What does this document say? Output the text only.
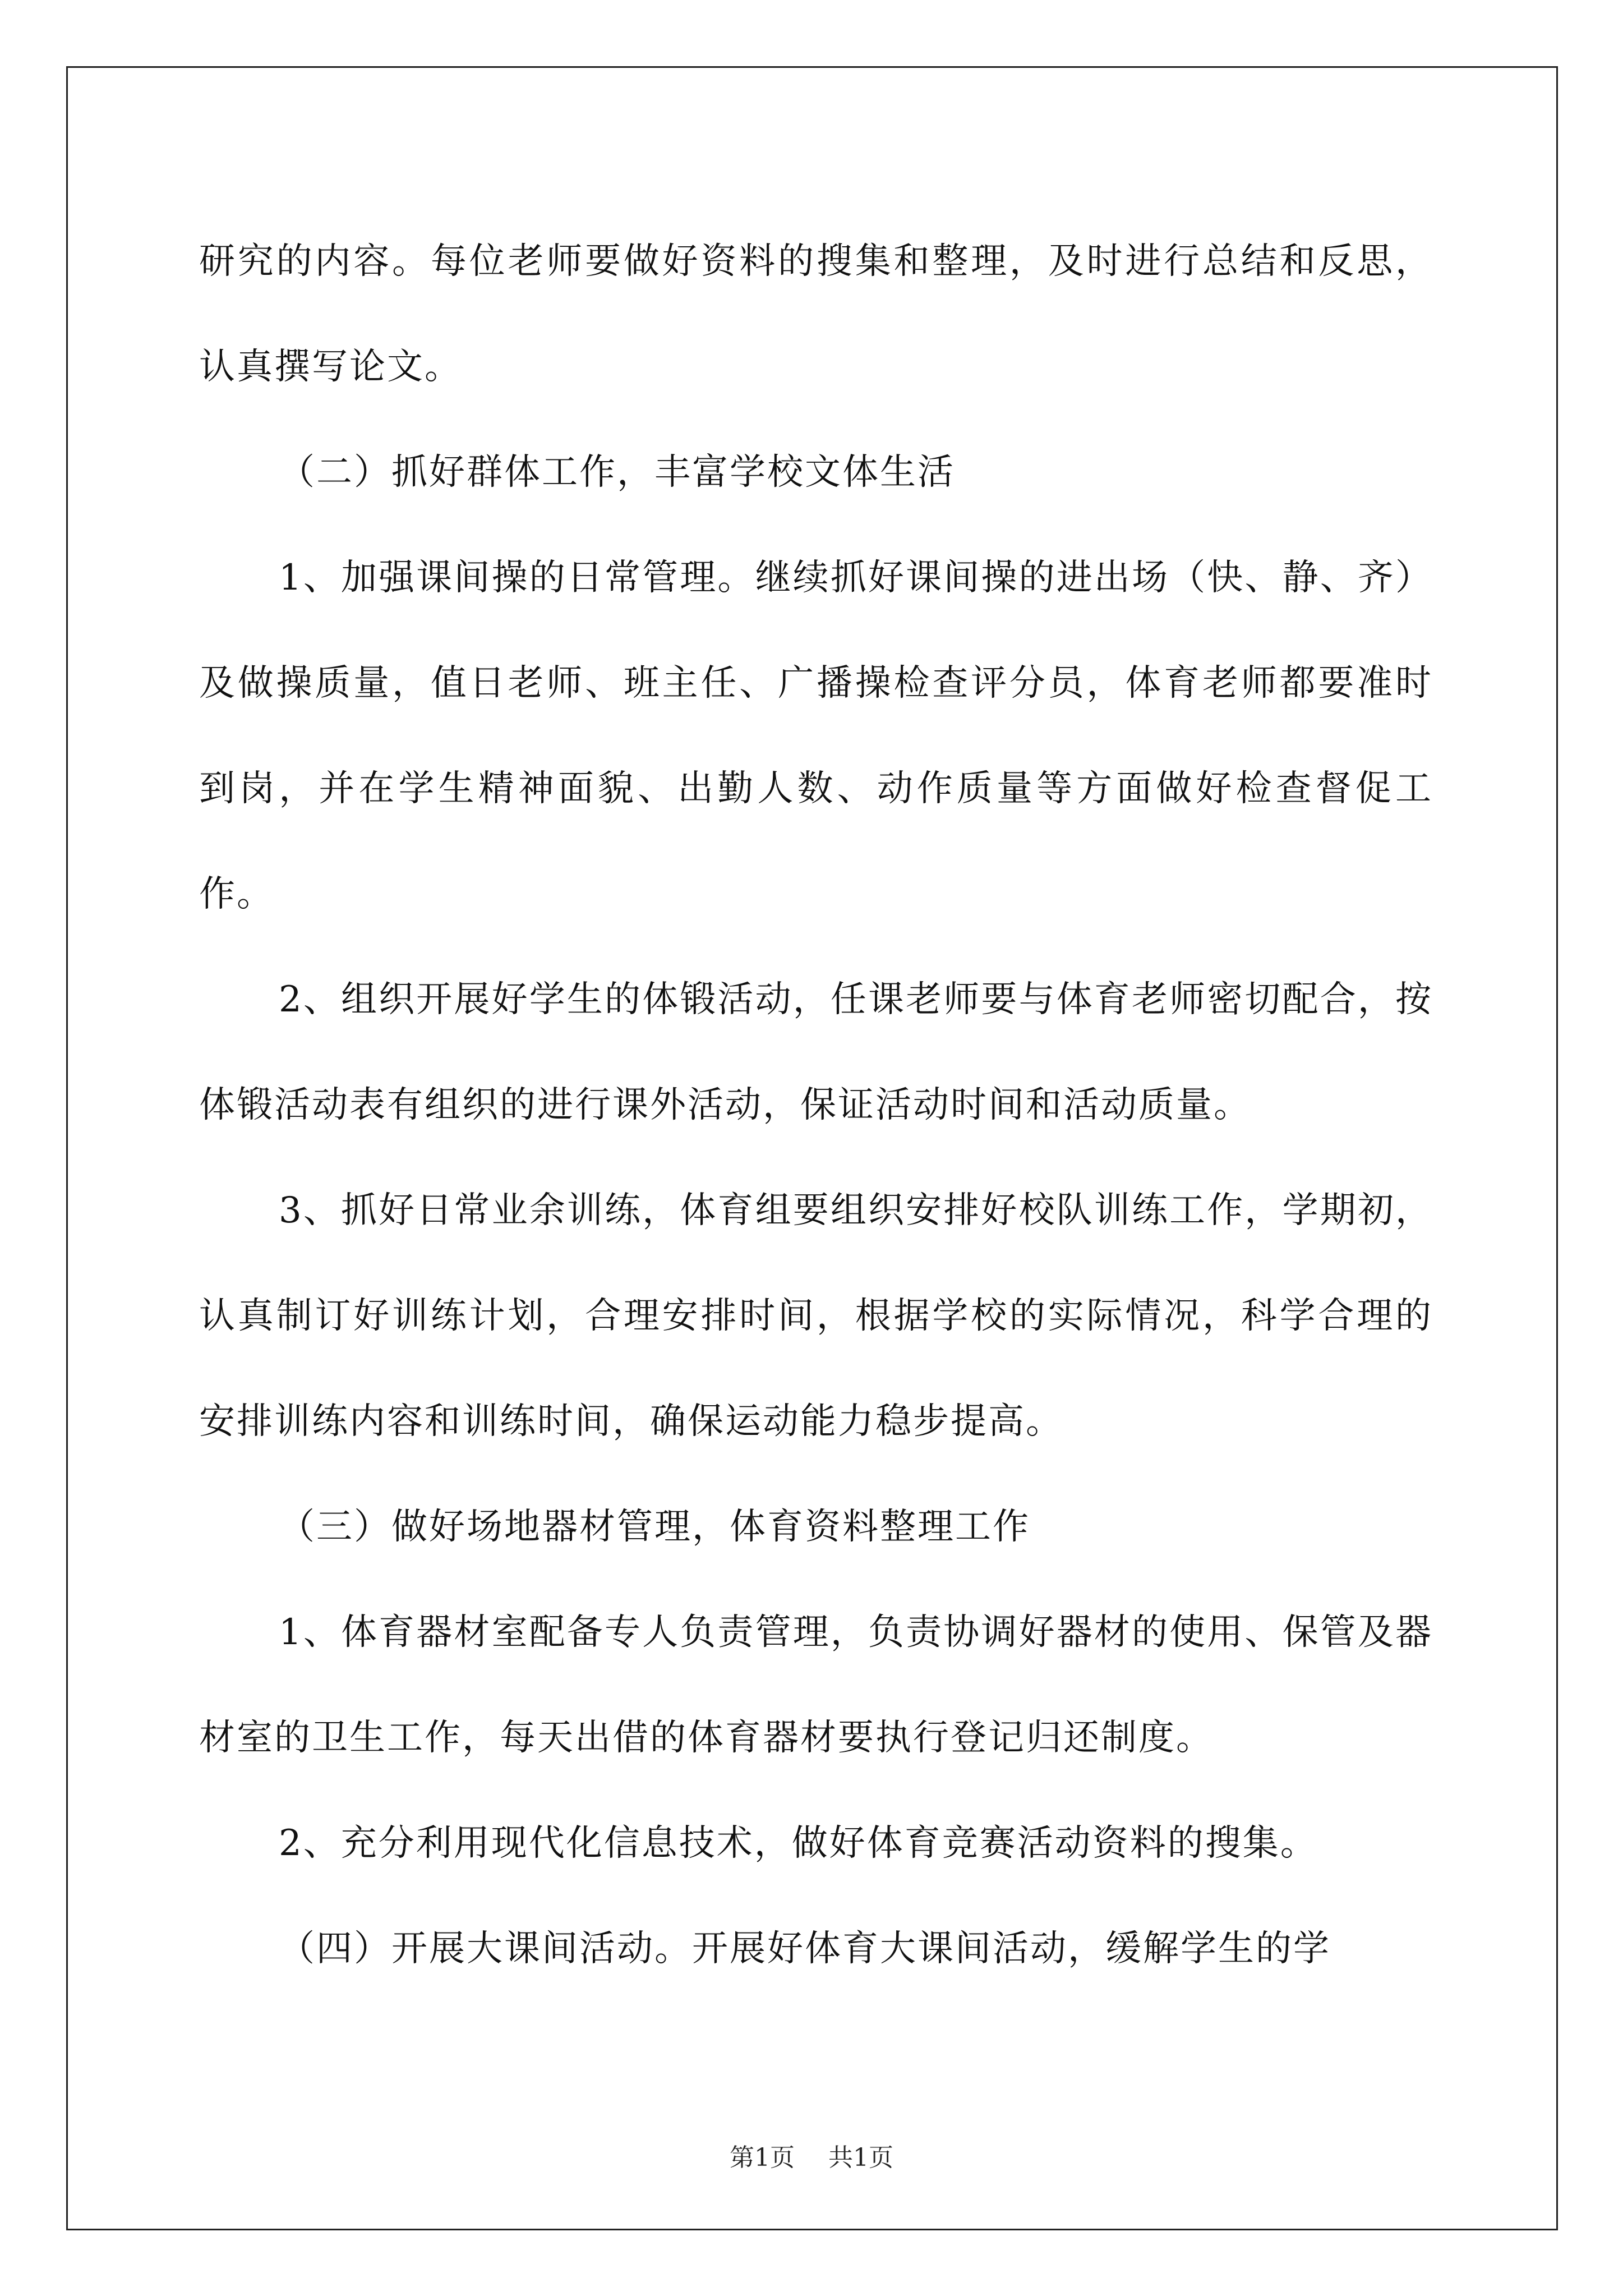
研究的内容。每位老师要做好资料的搜集和整理，及时进行总结和反思，认真撰写论文。

（二）抓好群体工作，丰富学校文体生活

1、加强课间操的日常管理。继续抓好课间操的进出场（快、静、齐）及做操质量，值日老师、班主任、广播操检查评分员，体育老师都要准时到岗，并在学生精神面貌、出勤人数、动作质量等方面做好检查督促工作。

2、组织开展好学生的体锻活动，任课老师要与体育老师密切配合，按体锻活动表有组织的进行课外活动，保证活动时间和活动质量。

3、抓好日常业余训练，体育组要组织安排好校队训练工作，学期初，认真制订好训练计划，合理安排时间，根据学校的实际情况，科学合理的安排训练内容和训练时间，确保运动能力稳步提高。

（三）做好场地器材管理，体育资料整理工作

1、体育器材室配备专人负责管理，负责协调好器材的使用、保管及器材室的卫生工作，每天出借的体育器材要执行登记归还制度。

2、充分利用现代化信息技术，做好体育竞赛活动资料的搜集。

（四）开展大课间活动。开展好体育大课间活动，缓解学生的学

第1页 共1页
